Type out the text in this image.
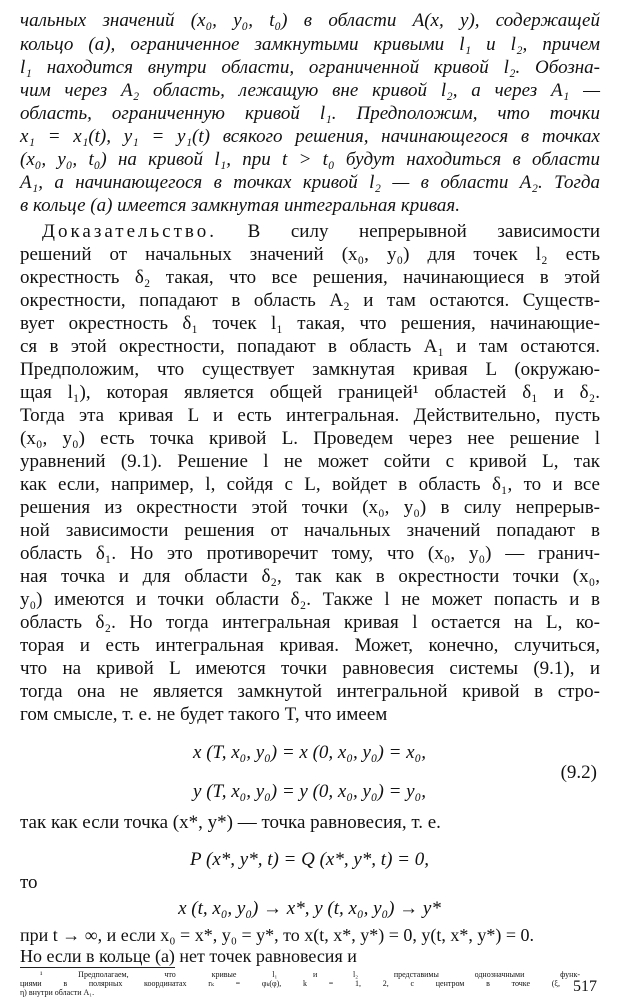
чальных значений (x₀, y₀, t₀) в области A(x, y), содержащей
кольцо (a), ограниченное замкнутыми кривыми l₁ и l₂, причем
l₁ находится внутри области, ограниченной кривой l₂. Обозна-
чим через A₂ область, лежащую вне кривой l₂, а через A₁ —
область, ограниченную кривой l₁. Предположим, что точки
x₁ = x₁(t), y₁ = y₁(t) всякого решения, начинающегося в точках
(x₀, y₀, t₀) на кривой l₁, при t > t₀ будут находиться в области
A₁, а начинающегося в точках кривой l₂ — в области A₂. Тогда
в кольце (a) имеется замкнутая интегральная кривая.
Доказательство. В силу непрерывной зависимости
решений от начальных значений (x₀, y₀) для точек l₂ есть
окрестность δ₂ такая, что все решения, начинающиеся в этой
окрестности, попадают в область A₂ и там остаются. Существ-
вует окрестность δ₁ точек l₁ такая, что решения, начинающие-
ся в этой окрестности, попадают в область A₁ и там остаются.
Предположим, что существует замкнутая кривая L (окружаю-
щая l₁), которая является общей границей¹ областей δ₁ и δ₂.
Тогда эта кривая L и есть интегральная. Действительно, пусть
(x₀, y₀) есть точка кривой L. Проведем через нее решение l
уравнений (9.1). Решение l не может сойти с кривой L, так
как если, например, l, сойдя с L, войдет в область δ₁, то и все
решения из окрестности этой точки (x₀, y₀) в силу непрерыв-
ной зависимости решения от начальных значений попадают в
область δ₁. Но это противоречит тому, что (x₀, y₀) — гранич-
ная точка и для области δ₂, так как в окрестности точки (x₀,
y₀) имеются и точки области δ₂. Также l не может попасть и в
область δ₂. Но тогда интегральная кривая l остается на L, ко-
торая и есть интегральная кривая. Может, конечно, случиться,
что на кривой L имеются точки равновесия системы (9.1), и
тогда она не является замкнутой интегральной кривой в стро-
гом смысле, т. е. не будет такого T, что имеем
x (T, x₀, y₀) = x (0, x₀, y₀) = x₀,
y (T, x₀, y₀) = y (0, x₀, y₀) = y₀,
(9.2)
так как если точка (x*, y*) — точка равновесия, т. е.
P (x*, y*, t) = Q (x*, y*, t) = 0,
то
x (t, x₀, y₀) → x*, y (t, x₀, y₀) → y*
при t → ∞, и если x₀ = x*, y₀ = y*, то x(t, x*, y*) = 0, y(t, x*, y*) = 0.
Но если в кольце (a) нет точек равновесия и
517
¹ Предполагаем, что кривые l₁ и l₂ представимы однозначными функ-
циями в полярных координатах rₖ = φₖ(φ), k = 1, 2, с центром в точке (ξ,
η) внутри области A₁.
